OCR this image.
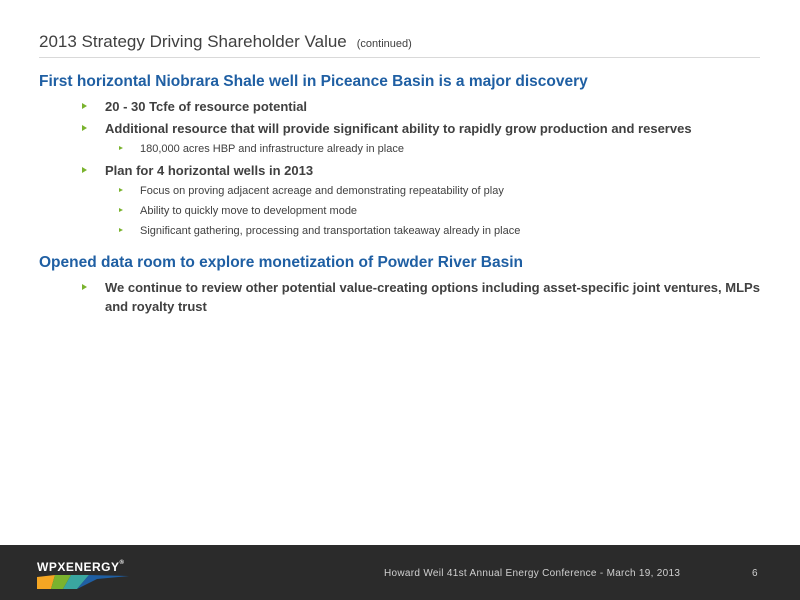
2013 Strategy Driving Shareholder Value (continued)
First horizontal Niobrara Shale well in Piceance Basin is a major discovery
20 - 30 Tcfe of resource potential
Additional resource that will provide significant ability to rapidly grow production and reserves
180,000 acres HBP and infrastructure already in place
Plan for 4 horizontal wells in 2013
Focus on proving adjacent acreage and demonstrating repeatability of play
Ability to quickly move to development mode
Significant gathering, processing and transportation takeaway already in place
Opened data room to explore monetization of Powder River Basin
We continue to review other potential value-creating options including asset-specific joint ventures, MLPs and royalty trust
WPXENERGY®
Howard Weil 41st Annual Energy Conference - March 19, 2013	6
